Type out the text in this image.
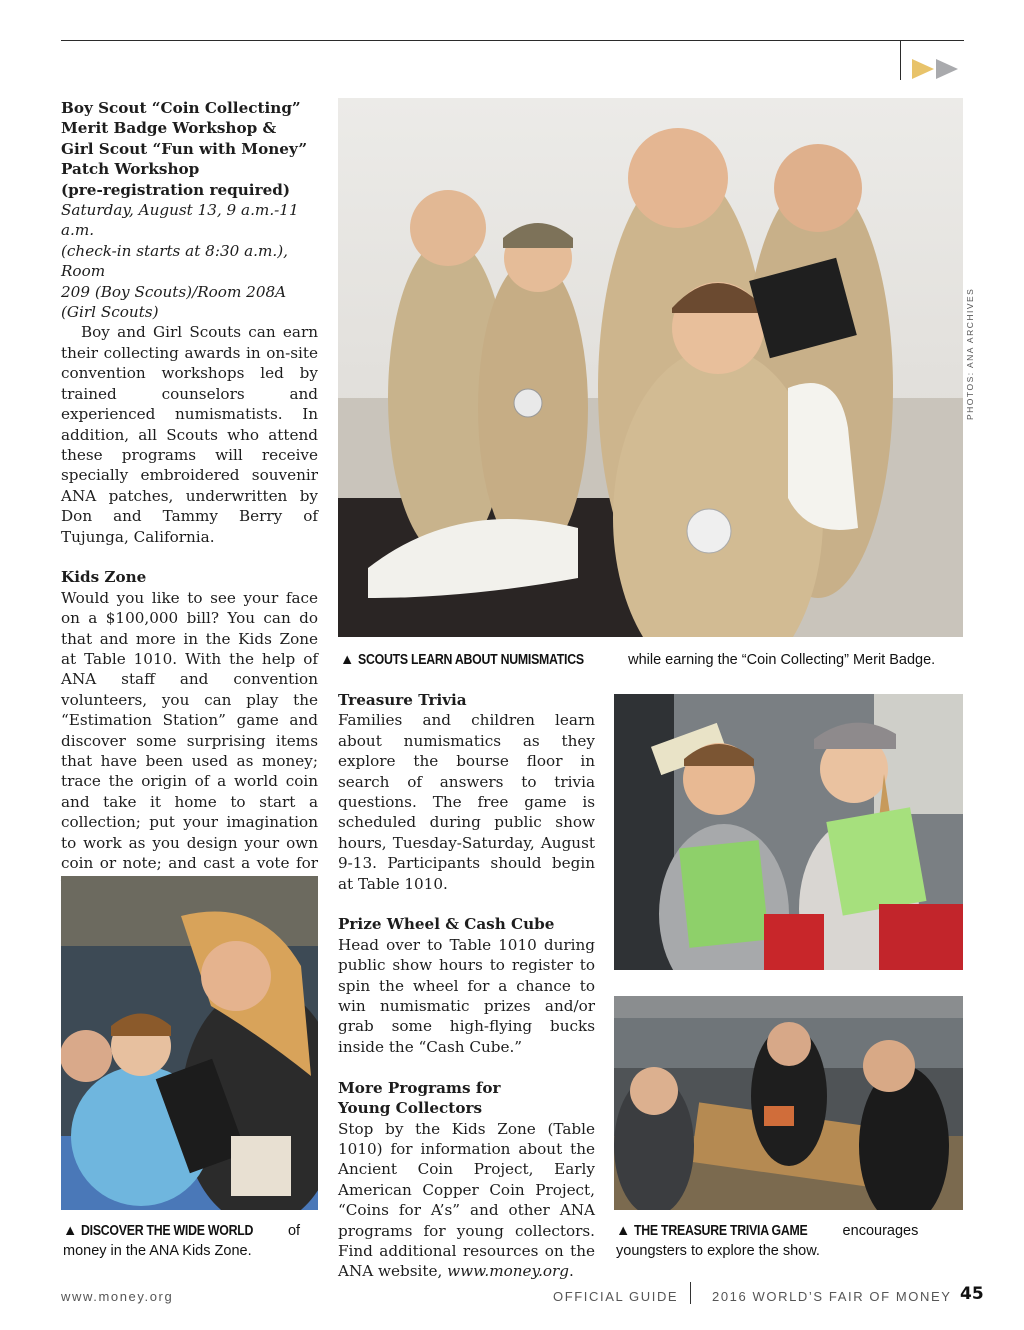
Boy Scout “Coin Collecting”
Merit Badge Workshop &
Girl Scout “Fun with Money”
Patch Workshop
(pre-registration required)
Saturday, August 13, 9 a.m.-11 a.m.
(check-in starts at 8:30 a.m.), Room
209 (Boy Scouts)/Room 208A
(Girl Scouts)

Boy and Girl Scouts can earn their collecting awards in on-site convention workshops led by trained counselors and experienced numismatists. In addition, all Scouts who attend these programs will receive specially embroidered souvenir ANA patches, underwritten by Don and Tammy Berry of Tujunga, California.

Kids Zone

Would you like to see your face on a $100,000 bill? You can do that and more in the Kids Zone at Table 1010. With the help of ANA staff and convention volunteers, you can play the “Estimation Station” game and discover some surprising items that have been used as money; trace the origin of a world coin and take it home to start a collection; put your imagination to work as you design your own coin or note; and cast a vote for

PHOTOS: ANA ARCHIVES
▲ SCOUTS LEARN ABOUT NUMISMATICS	while earning the “Coin Collecting” Merit Badge.
Treasure Trivia

Families and children learn about numismatics as they explore the bourse floor in search of answers to trivia questions. The free game is scheduled during public show hours, Tuesday-Saturday, August 9-13. Participants should begin at Table 1010.

Prize Wheel & Cash Cube

Head over to Table 1010 during public show hours to register to spin the wheel for a chance to win numismatic prizes and/or grab some high-flying bucks inside the “Cash Cube.”

More Programs for
Young Collectors

Stop by the Kids Zone (Table 1010) for information about the Ancient Coin Project, Early American Copper Coin Project, “Coins for A’s” and other ANA programs for young collectors. Find additional resources on the ANA website, www.money.org.

▲ DISCOVER THE WIDE WORLD of money in the ANA Kids Zone.
▲ THE TREASURE TRIVIA GAME encourages youngsters to explore the show.
www.money.org	OFFICIAL GUIDE	2016 WORLD’S FAIR OF MONEY 45
